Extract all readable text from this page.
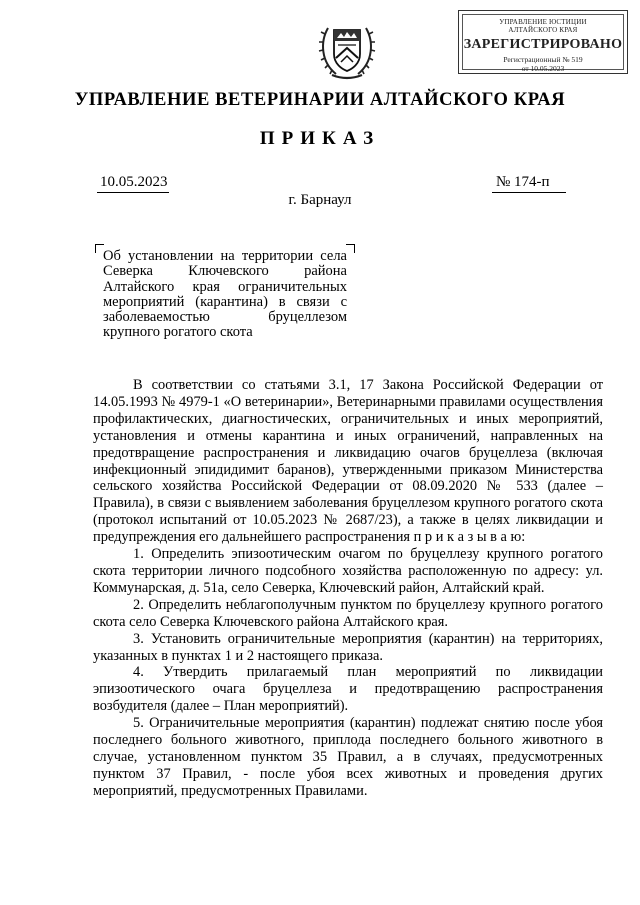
УПРАВЛЕНИЕ ЮСТИЦИИ
АЛТАЙСКОГО КРАЯ
ЗАРЕГИСТРИРОВАНО
Регистрационный № 519
от 10.05.2023
УПРАВЛЕНИЕ ВЕТЕРИНАРИИ АЛТАЙСКОГО КРАЯ
ПРИКАЗ
10.05.2023	№ 174-п
г. Барнаул
Об установлении на территории села Северка Ключевского района Алтайского края ограничительных мероприятий (карантина) в связи с заболеваемостью бруцеллезом крупного рогатого скота

В соответствии со статьями 3.1, 17 Закона Российской Федерации от 14.05.1993 № 4979-1 «О ветеринарии», Ветеринарными правилами осуществления профилактических, диагностических, ограничительных и иных мероприятий, установления и отмены карантина и иных ограничений, направленных на предотвращение распространения и ликвидацию очагов бруцеллеза (включая инфекционный эпидидимит баранов), утвержденными приказом Министерства сельского хозяйства Российской Федерации от 08.09.2020 № 533 (далее – Правила), в связи с выявлением заболевания бруцеллезом крупного рогатого скота (протокол испытаний от 10.05.2023 № 2687/23), а также в целях ликвидации и предупреждения его дальнейшего распространения п р и к а з ы в а ю:

1. Определить эпизоотическим очагом по бруцеллезу крупного рогатого скота территории личного подсобного хозяйства расположенную по адресу: ул. Коммунарская, д. 51а, село Северка, Ключевский район, Алтайский край.

2. Определить неблагополучным пунктом по бруцеллезу крупного рогатого скота село Северка Ключевского района Алтайского края.

3. Установить ограничительные мероприятия (карантин) на территориях, указанных в пунктах 1 и 2 настоящего приказа.

4. Утвердить прилагаемый план мероприятий по ликвидации эпизоотического очага бруцеллеза и предотвращению распространения возбудителя (далее – План мероприятий).

5. Ограничительные мероприятия (карантин) подлежат снятию после убоя последнего больного животного, приплода последнего больного животного в случае, установленном пунктом 35 Правил, а в случаях, предусмотренных пунктом 37 Правил, - после убоя всех животных и проведения других мероприятий, предусмотренных Правилами.
